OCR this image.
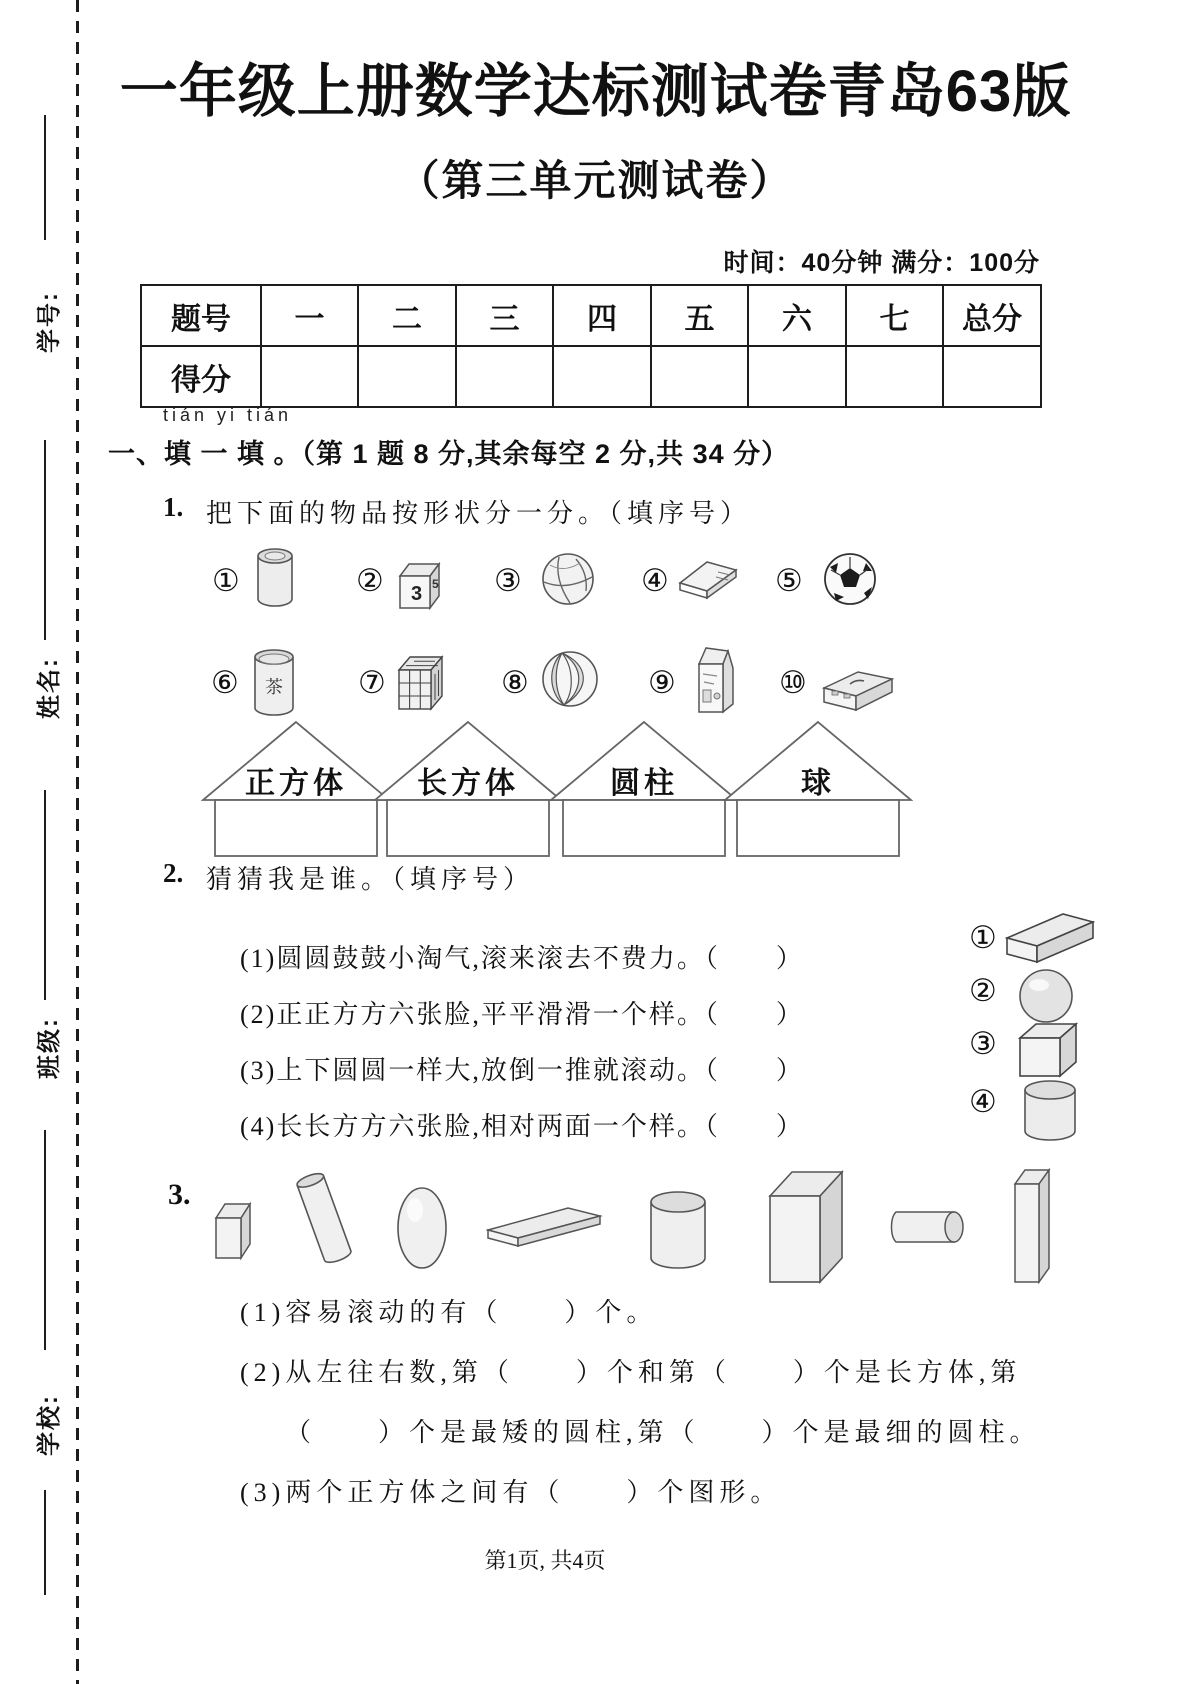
学号:
姓名:
班级:
学校:
一年级上册数学达标测试卷青岛63版
（第三单元测试卷）
时间：40分钟 满分：100分
题号	一	二	三	四	五	六	七	总分
得分								
tián yi tián
一、填 一 填 。（第 1 题 8 分,其余每空 2 分,共 34 分）
1. 把下面的物品按形状分一分。（填序号）
①	② 3 5 ③	④	⑤
⑥ 茶 ⑦	⑧	⑨	⑩
正方体	长方体	圆柱	球
2. 猜猜我是谁。（填序号）
(1)圆圆鼓鼓小淘气,滚来滚去不费力。（　　）
(2)正正方方六张脸,平平滑滑一个样。（　　）
(3)上下圆圆一样大,放倒一推就滚动。（　　）
(4)长长方方六张脸,相对两面一个样。（　　）
①
②
③
④
3.
(1)容易滚动的有（　　）个。
(2)从左往右数,第（　　）个和第（　　）个是长方体,第
（　　）个是最矮的圆柱,第（　　）个是最细的圆柱。
(3)两个正方体之间有（　　）个图形。
第1页, 共4页
